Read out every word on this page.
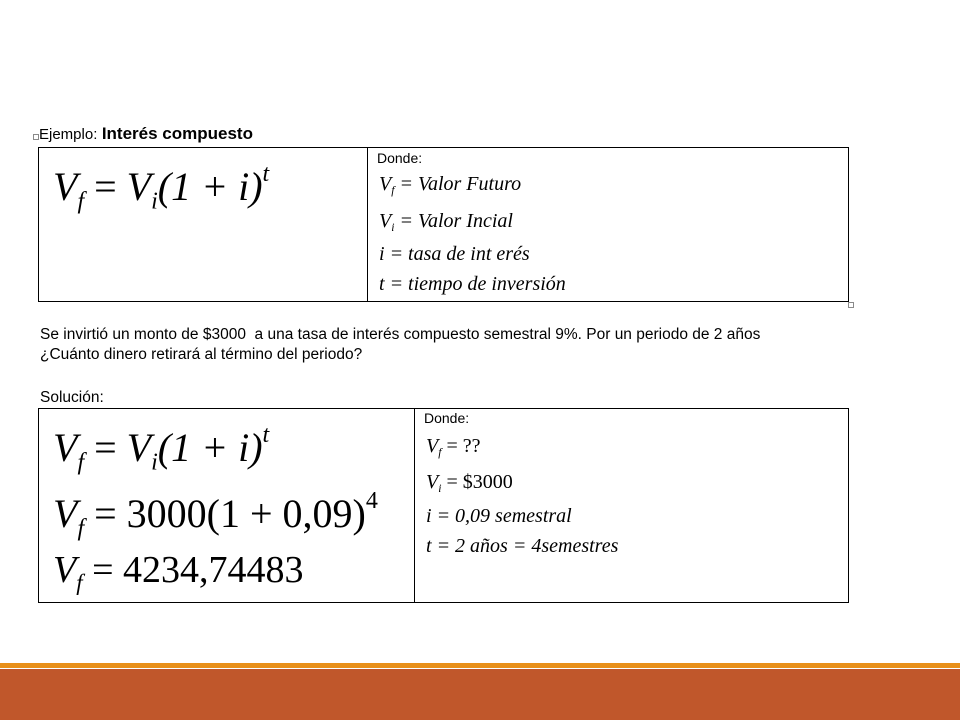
Ejemplo: Interés compuesto
$V_f = V_i(1 + i)^t$
Donde:
$V_f$ = Valor Futuro
$V_i$ = Valor Incial
i = tasa de int erés
t = tiempo de inversión
Se invirtió un monto de $3000  a una tasa de interés compuesto semestral 9%. Por un periodo de 2 años
¿Cuánto dinero retirará al término del periodo?
Solución:
$V_f = V_i(1 + i)^t$
$V_f = 3000(1 + 0,09)^4$
$V_f = 4234,74483$
Donde:
$V_f$ = ??
$V_i$ = $3000
i = 0,09 semestral
t = 2 años = 4semestres
